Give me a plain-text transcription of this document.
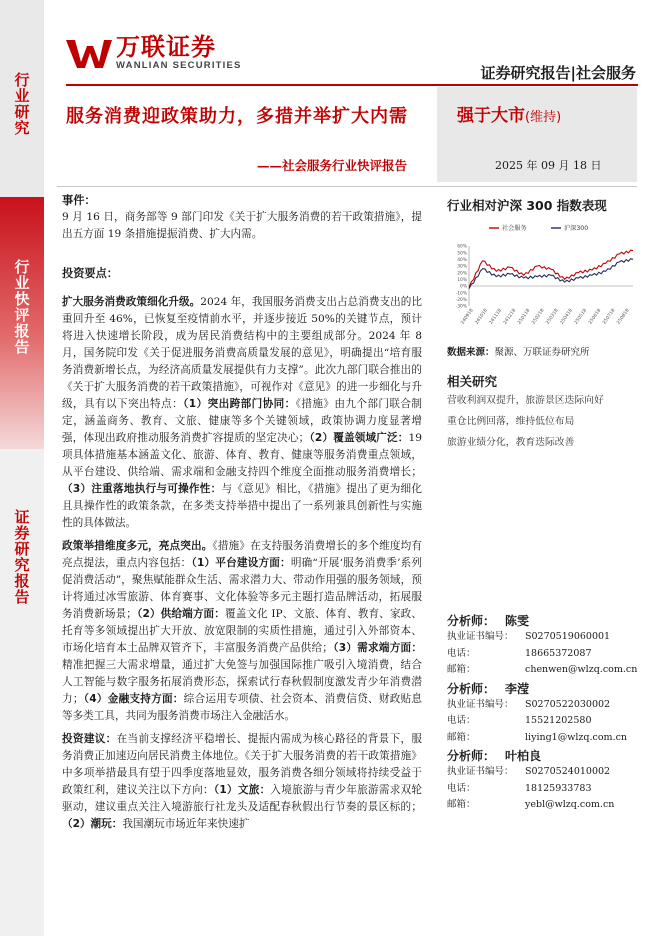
行业研究
行业快评报告
证券研究报告
万联证券
WANLIAN SECURITIES	证券研究报告|社会服务
服务消费迎政策助力，多措并举扩大内需
——社会服务行业快评报告
强于大市(维持)
2025 年 09 月 18 日
事件：
9 月 16 日，商务部等 9 部门印发《关于扩大服务消费的若干政策措施》，提出五方面 19 条措施提振消费、扩大内需。
投资要点：
扩大服务消费政策细化升级。2024 年，我国服务消费支出占总消费支出的比重回升至 46%，已恢复至疫情前水平，并逐步接近 50%的关键节点，预计将进入快速增长阶段，成为居民消费结构中的主要组成部分。2024 年 8 月，国务院印发《关于促进服务消费高质量发展的意见》，明确提出“培育服务消费新增长点，为经济高质量发展提供有力支撑”。此次九部门联合推出的《关于扩大服务消费的若干政策措施》，可视作对《意见》的进一步细化与升级，具有以下突出特点：（1）突出跨部门协同：《措施》由九个部门联合制定，涵盖商务、教育、文旅、健康等多个关键领域，政策协调力度显著增强，体现出政府推动服务消费扩容提质的坚定决心；（2）覆盖领域广泛：19 项具体措施基本涵盖文化、旅游、体育、教育、健康等服务消费重点领域，从平台建设、供给端、需求端和金融支持四个维度全面推动服务消费增长；（3）注重落地执行与可操作性：与《意见》相比，《措施》提出了更为细化且具操作性的政策条款，在多类支持举措中提出了一系列兼具创新性与实施性的具体做法。
政策举措维度多元，亮点突出。《措施》在支持服务消费增长的多个维度均有亮点提法，重点内容包括：（1）平台建设方面：明确“开展‘服务消费季’系列促消费活动”，聚焦赋能群众生活、需求潜力大、带动作用强的服务领域，预计将通过冰雪旅游、体育赛事、文化体验等多元主题打造品牌活动，拓展服务消费新场景；（2）供给端方面：覆盖文化 IP、文旅、体育、教育、家政、托育等多领域提出扩大开放、放宽限制的实质性措施，通过引入外部资本、市场化培育本土品牌双管齐下，丰富服务消费产品供给；（3）需求端方面：精准把握三大需求增量，通过扩大免签与加强国际推广吸引入境消费，结合人工智能与数字服务拓展消费形态，探索试行春秋假制度激发青少年消费潜力；（4）金融支持方面：综合运用专项债、社会资本、消费信贷、财政贴息等多类工具，共同为服务消费市场注入金融活水。
投资建议：在当前支撑经济平稳增长、提振内需成为核心路径的背景下，服务消费正加速迈向居民消费主体地位。《关于扩大服务消费的若干政策措施》中多项举措最具有望于四季度落地显效，服务消费各细分领域将持续受益于政策红利，建议关注以下方向：（1）文旅：入境旅游与青少年旅游需求双轮驱动，建议重点关注入境游旅行社龙头及适配春秋假出行节奏的景区标的；（2）潮玩：我国潮玩市场近年来快速扩
行业相对沪深 300 指数表现
60%
50%
40%
30%
20%
10%
0%
-10%
-20%
-30%
240918 241018 241118 241218 250118 250218 250318 250418 250518 250618 250718 250818
社会服务	沪深300
数据来源：聚源、万联证券研究所
相关研究
营收利润双提升，旅游景区迭际向好
重仓比例回落，维持低位布局
旅游业绩分化，教育迭际改善
分析师： 陈雯
执业证书编号：	S0270519060001
电话：	18665372087
邮箱：	chenwen@wlzq.com.cn
分析师： 李滢
执业证书编号：	S0270522030002
电话：	15521202580
邮箱：	liying1@wlzq.com.cn
分析师： 叶柏良
执业证书编号：	S0270524010002
电话：	18125933783
邮箱：	yebl@wlzq.com.cn
